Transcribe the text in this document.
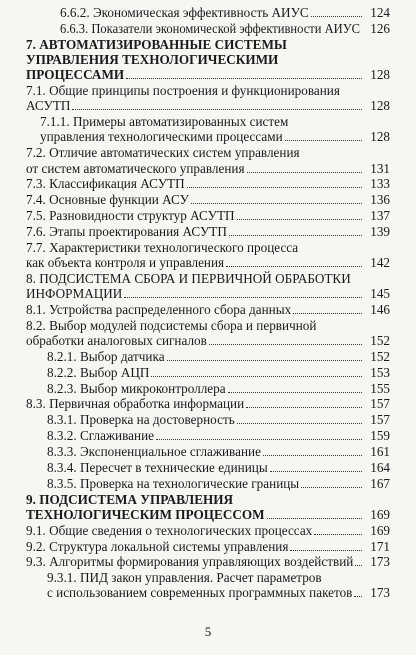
6.6.2. Экономическая эффективность АИУС	124
6.6.3. Показатели экономической эффективности АИУС 126
7. АВТОМАТИЗИРОВАННЫЕ СИСТЕМЫ
УПРАВЛЕНИЯ ТЕХНОЛОГИЧЕСКИМИ
ПРОЦЕССАМИ	128
7.1. Общие принципы построения и функционирования
АСУТП	128
7.1.1. Примеры автоматизированных систем
управления технологическими процессами	128
7.2. Отличие автоматических систем управления
от систем автоматического управления	131
7.3. Классификация АСУТП	133
7.4. Основные функции АСУ	136
7.5. Разновидности структур АСУТП	137
7.6. Этапы проектирования АСУТП	139
7.7. Характеристики технологического процесса
как объекта контроля и управления	142
8. ПОДСИСТЕМА СБОРА И ПЕРВИЧНОЙ ОБРАБОТКИ
ИНФОРМАЦИИ	145
8.1. Устройства распределенного сбора данных	146
8.2. Выбор модулей подсистемы сбора и первичной
обработки аналоговых сигналов	152
8.2.1. Выбор датчика	152
8.2.2. Выбор АЦП	153
8.2.3. Выбор микроконтроллера	155
8.3. Первичная обработка информации	157
8.3.1. Проверка на достоверность	157
8.3.2. Сглаживание	159
8.3.3. Экспоненциальное сглаживание	161
8.3.4. Пересчет в технические единицы	164
8.3.5. Проверка на технологические границы	167
9. ПОДСИСТЕМА УПРАВЛЕНИЯ
ТЕХНОЛОГИЧЕСКИМ ПРОЦЕССОМ	169
9.1. Общие сведения о технологических процессах	169
9.2. Структура локальной системы управления	171
9.3. Алгоритмы формирования управляющих воздействий	173
9.3.1. ПИД закон управления. Расчет параметров
с использованием современных программных пакетов	173
5
